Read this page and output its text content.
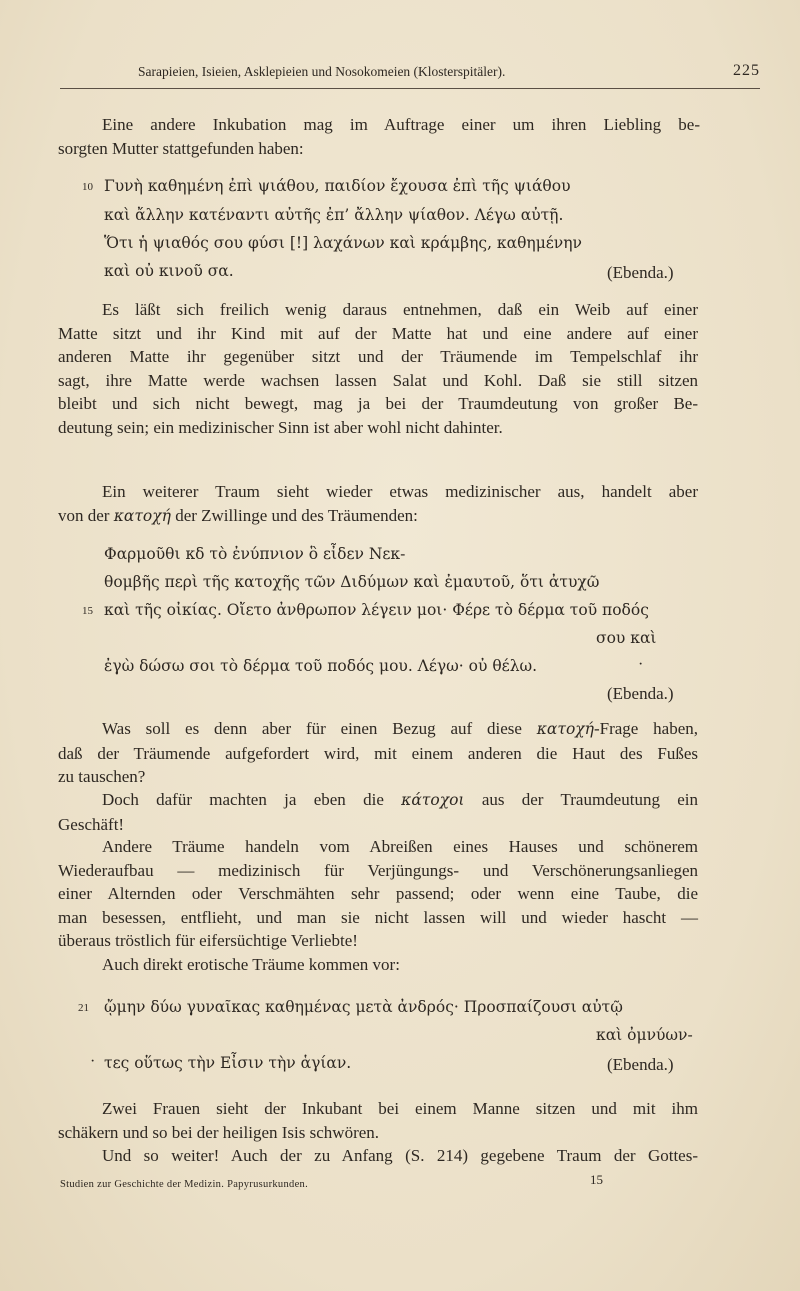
Sarapieien, Isieien, Asklepieien und Nosokomeien (Klosterspitäler).	225

Eine andere Inkubation mag im Auftrage einer um ihren Liebling be-

sorgten Mutter stattgefunden haben:

10 Γυνὴ καθημένη ἐπὶ ψιάθου, παιδίον ἔχουσα ἐπὶ τῆς ψιάθου
καὶ ἄλλην κατέναντι αὐτῆς ἐπ’ ἄλλην ψίαθον. Λέγω αὐτῇ.
Ὅτι ἡ ψιαθός σου φύσι [!] λαχάνων καὶ κράμβης, καθημένην
καὶ οὐ κινοῦ σα.	(Ebenda.)

Es läßt sich freilich wenig daraus entnehmen, daß ein Weib auf einer

Matte sitzt und ihr Kind mit auf der Matte hat und eine andere auf einer

anderen Matte ihr gegenüber sitzt und der Träumende im Tempelschlaf ihr

sagt, ihre Matte werde wachsen lassen Salat und Kohl. Daß sie still sitzen

bleibt und sich nicht bewegt, mag ja bei der Traumdeutung von großer Be-

deutung sein; ein medizinischer Sinn ist aber wohl nicht dahinter.

Ein weiterer Traum sieht wieder etwas medizinischer aus, handelt aber

von der κατοχή der Zwillinge und des Träumenden:

Φαρμοῦθι κδ τὸ ἐνύπνιον ὃ εἶδεν Νεκ-
θομβῆς περὶ τῆς κατοχῆς τῶν Διδύμων καὶ ἐμαυτοῦ, ὅτι ἀτυχῶ
15 καὶ τῆς οἰκίας. Οἴετο ἀνθρωπον λέγειν μοι· Φέρε τὸ δέρμα τοῦ ποδός
σου καὶ
·
ἐγὼ δώσω σοι τὸ δέρμα τοῦ ποδός μου. Λέγω· οὐ θέλω.
(Ebenda.)

Was soll es denn aber für einen Bezug auf diese κατοχή-Frage haben,

daß der Träumende aufgefordert wird, mit einem anderen die Haut des Fußes

zu tauschen?

Doch dafür machten ja eben die κάτοχοι aus der Traumdeutung ein

Geschäft!

Andere Träume handeln vom Abreißen eines Hauses und schönerem

Wiederaufbau — medizinisch für Verjüngungs- und Verschönerungsanliegen

einer Alternden oder Verschmähten sehr passend; oder wenn eine Taube, die

man besessen, entflieht, und man sie nicht lassen will und wieder hascht —

überaus tröstlich für eifersüchtige Verliebte!

Auch direkt erotische Träume kommen vor:

21 ᾤμην δύω γυναῖκας καθημένας μετὰ ἀνδρός· Προσπαίζουσι αὐτῷ
καὶ ὀμνύων-
· τες οὕτως τὴν Εἶσιν τὴν ἁγίαν.	(Ebenda.)

Zwei Frauen sieht der Inkubant bei einem Manne sitzen und mit ihm

schäkern und so bei der heiligen Isis schwören.

Und so weiter! Auch der zu Anfang (S. 214) gegebene Traum der Gottes-

Studien zur Geschichte der Medizin. Papyrusurkunden.	15
